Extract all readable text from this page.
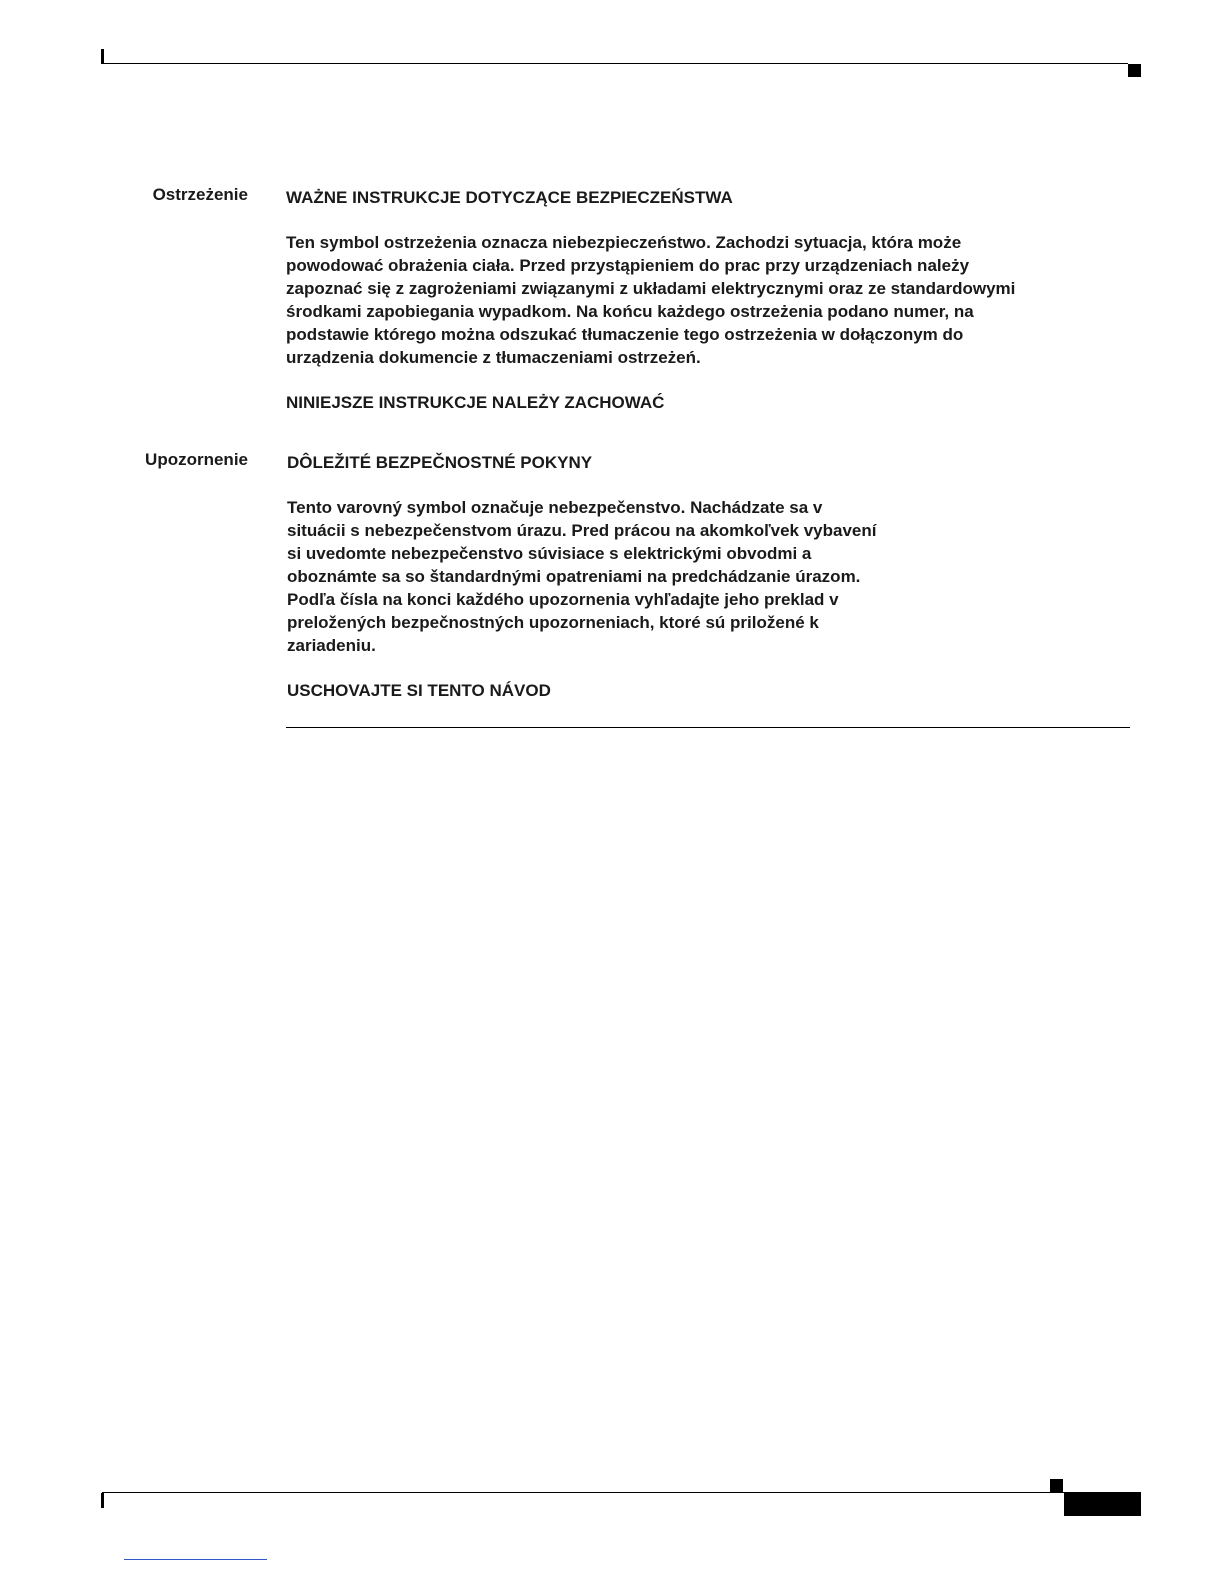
Ostrzeżenie WAŻNE INSTRUKCJE DOTYCZĄCE BEZPIECZEŃSTWA
Ten symbol ostrzeżenia oznacza niebezpieczeństwo. Zachodzi sytuacja, która może
powodować obrażenia ciała. Przed przystąpieniem do prac przy urządzeniach należy
zapoznać się z zagrożeniami związanymi z układami elektrycznymi oraz ze standardowymi
środkami zapobiegania wypadkom. Na końcu każdego ostrzeżenia podano numer, na
podstawie którego można odszukać tłumaczenie tego ostrzeżenia w dołączonym do
urządzenia dokumencie z tłumaczeniami ostrzeżeń.
NINIEJSZE INSTRUKCJE NALEŻY ZACHOWAĆ
Upozornenie DÔLEŽITÉ BEZPEČNOSTNÉ POKYNY
Tento varovný symbol označuje nebezpečenstvo. Nachádzate sa v
situácii s nebezpečenstvom úrazu. Pred prácou na akomkoľvek vybavení
si uvedomte nebezpečenstvo súvisiace s elektrickými obvodmi a
oboznámte sa so štandardnými opatreniami na predchádzanie úrazom.
Podľa čísla na konci každého upozornenia vyhľadajte jeho preklad v
preložených bezpečnostných upozorneniach, ktoré sú priložené k
zariadeniu.
USCHOVAJTE SI TENTO NÁVOD
